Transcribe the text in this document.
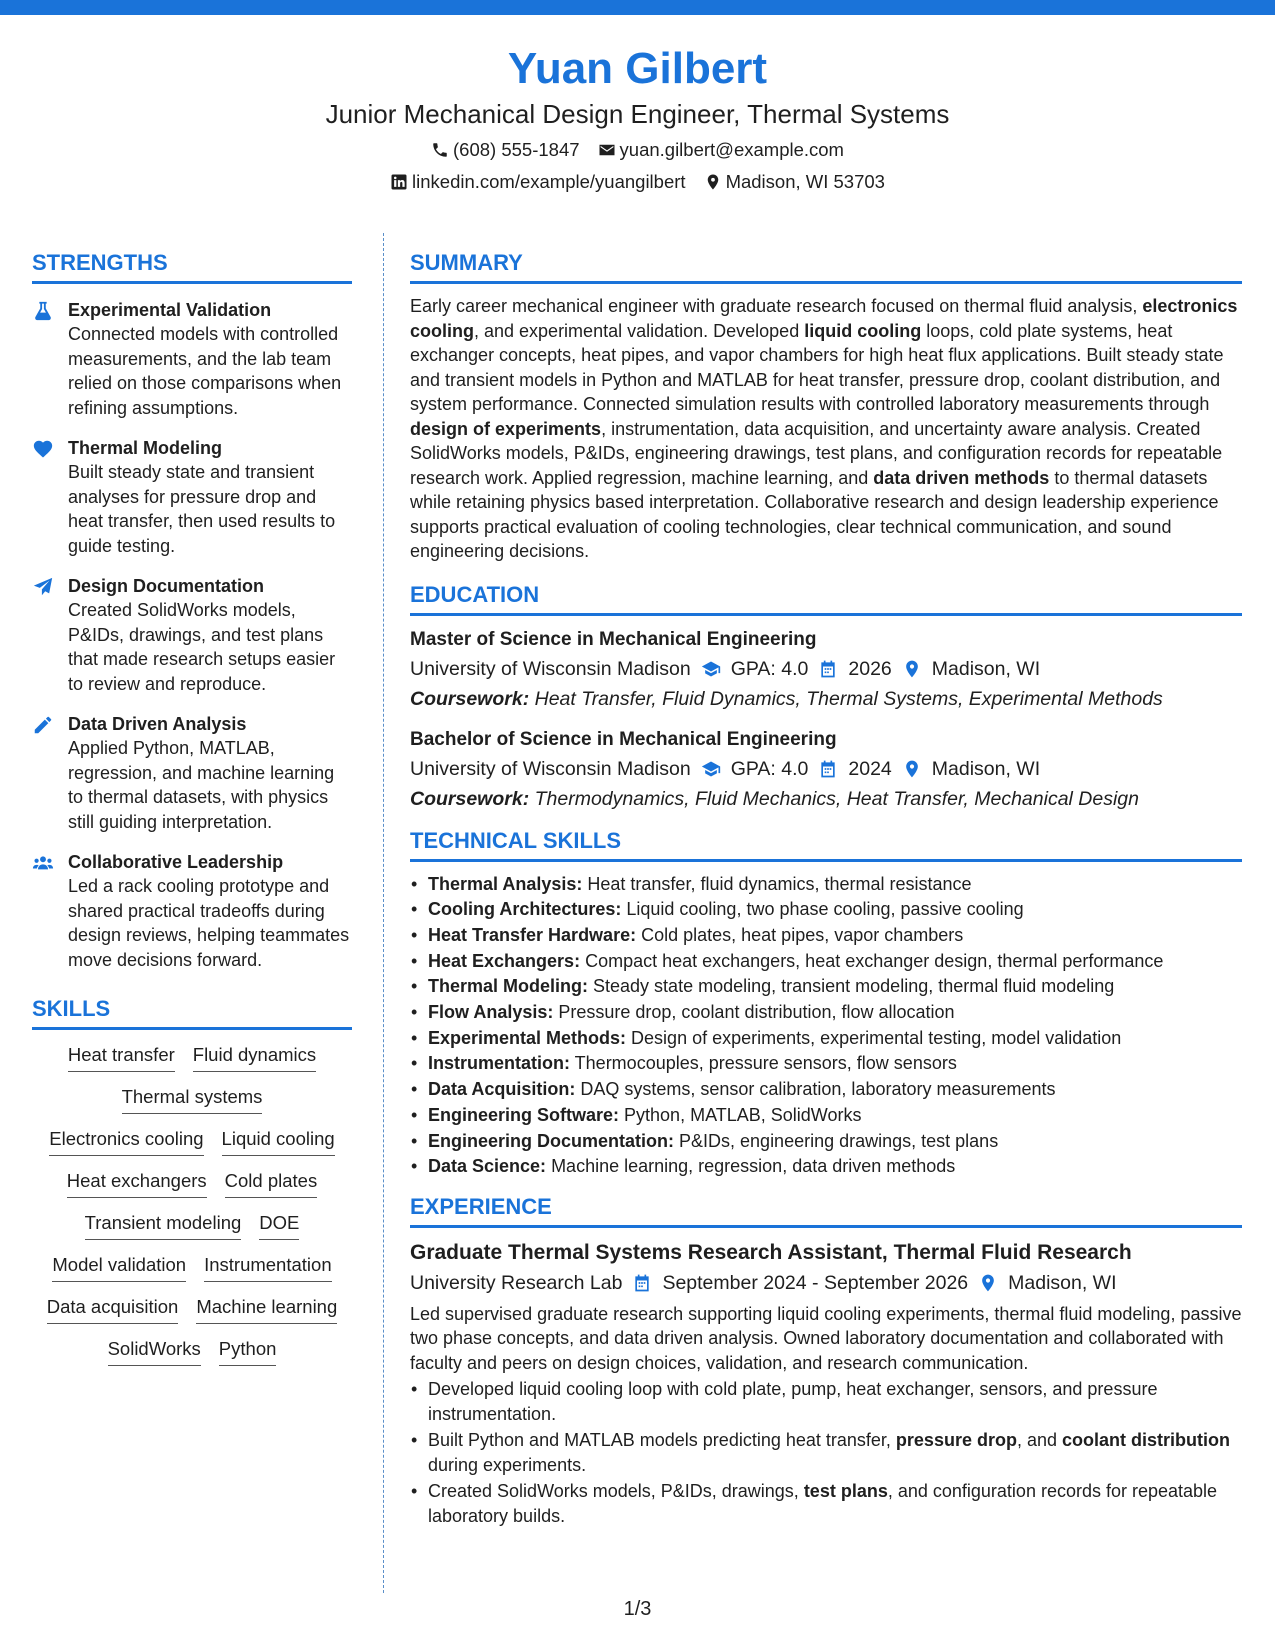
Yuan Gilbert
Junior Mechanical Design Engineer, Thermal Systems
(608) 555-1847 yuan.gilbert@example.com
linkedin.com/example/yuangilbert Madison, WI 53703
STRENGTHS
Experimental Validation
Connected models with controlled measurements, and the lab team relied on those comparisons when refining assumptions.
Thermal Modeling
Built steady state and transient analyses for pressure drop and heat transfer, then used results to guide testing.
Design Documentation
Created SolidWorks models, P&IDs, drawings, and test plans that made research setups easier to review and reproduce.
Data Driven Analysis
Applied Python, MATLAB, regression, and machine learning to thermal datasets, with physics still guiding interpretation.
Collaborative Leadership
Led a rack cooling prototype and shared practical tradeoffs during design reviews, helping teammates move decisions forward.
SKILLS
Heat transfer Fluid dynamics
Thermal systems
Electronics cooling Liquid cooling
Heat exchangers Cold plates
Transient modeling DOE
Model validation Instrumentation
Data acquisition Machine learning
SolidWorks Python
SUMMARY

Early career mechanical engineer with graduate research focused on thermal fluid analysis, electronics cooling, and experimental validation. Developed liquid cooling loops, cold plate systems, heat exchanger concepts, heat pipes, and vapor chambers for high heat flux applications. Built steady state and transient models in Python and MATLAB for heat transfer, pressure drop, coolant distribution, and system performance. Connected simulation results with controlled laboratory measurements through design of experiments, instrumentation, data acquisition, and uncertainty aware analysis. Created SolidWorks models, P&IDs, engineering drawings, test plans, and configuration records for repeatable research work. Applied regression, machine learning, and data driven methods to thermal datasets while retaining physics based interpretation. Collaborative research and design leadership experience supports practical evaluation of cooling technologies, clear technical communication, and sound engineering decisions.

EDUCATION
Master of Science in Mechanical Engineering
University of Wisconsin Madison GPA: 4.0 2026 Madison, WI
Coursework: Heat Transfer, Fluid Dynamics, Thermal Systems, Experimental Methods
Bachelor of Science in Mechanical Engineering
University of Wisconsin Madison GPA: 4.0 2024 Madison, WI
Coursework: Thermodynamics, Fluid Mechanics, Heat Transfer, Mechanical Design
TECHNICAL SKILLS
• Thermal Analysis: Heat transfer, fluid dynamics, thermal resistance
• Cooling Architectures: Liquid cooling, two phase cooling, passive cooling
• Heat Transfer Hardware: Cold plates, heat pipes, vapor chambers
• Heat Exchangers: Compact heat exchangers, heat exchanger design, thermal performance
• Thermal Modeling: Steady state modeling, transient modeling, thermal fluid modeling
• Flow Analysis: Pressure drop, coolant distribution, flow allocation
• Experimental Methods: Design of experiments, experimental testing, model validation
• Instrumentation: Thermocouples, pressure sensors, flow sensors
• Data Acquisition: DAQ systems, sensor calibration, laboratory measurements
• Engineering Software: Python, MATLAB, SolidWorks
• Engineering Documentation: P&IDs, engineering drawings, test plans
• Data Science: Machine learning, regression, data driven methods
EXPERIENCE
Graduate Thermal Systems Research Assistant, Thermal Fluid Research
University Research Lab September 2024 - September 2026 Madison, WI

Led supervised graduate research supporting liquid cooling experiments, thermal fluid modeling, passive two phase concepts, and data driven analysis. Owned laboratory documentation and collaborated with faculty and peers on design choices, validation, and research communication.

• Developed liquid cooling loop with cold plate, pump, heat exchanger, sensors, and pressure instrumentation.
• Built Python and MATLAB models predicting heat transfer, pressure drop, and coolant distribution during experiments.
• Created SolidWorks models, P&IDs, drawings, test plans, and configuration records for repeatable laboratory builds.
1/3
